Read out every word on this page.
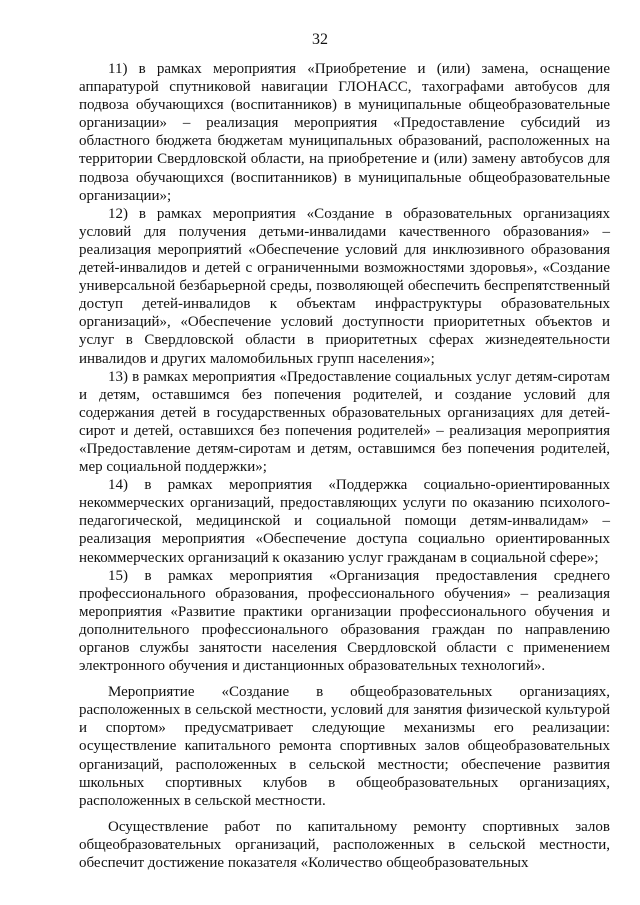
32

11) в рамках мероприятия «Приобретение и (или) замена, оснащение аппаратурой спутниковой навигации ГЛОНАСС, тахографами автобусов для подвоза обучающихся (воспитанников) в муниципальные общеобразовательные организации» – реализация мероприятия «Предоставление субсидий из областного бюджета бюджетам муниципальных образований, расположенных на территории Свердловской области, на приобретение и (или) замену автобусов для подвоза обучающихся (воспитанников) в муниципальные общеобразовательные организации»;

12) в рамках мероприятия «Создание в образовательных организациях условий для получения детьми-инвалидами качественного образования» – реализация мероприятий «Обеспечение условий для инклюзивного образования детей-инвалидов и детей с ограниченными возможностями здоровья», «Создание универсальной безбарьерной среды, позволяющей обеспечить беспрепятственный доступ детей-инвалидов к объектам инфраструктуры образовательных организаций», «Обеспечение условий доступности приоритетных объектов и услуг в Свердловской области в приоритетных сферах жизнедеятельности инвалидов и других маломобильных групп населения»;

13) в рамках мероприятия «Предоставление социальных услуг детям-сиротам и детям, оставшимся без попечения родителей, и создание условий для содержания детей в государственных образовательных организациях для детей-сирот и детей, оставшихся без попечения родителей» – реализация мероприятия «Предоставление детям-сиротам и детям, оставшимся без попечения родителей, мер социальной поддержки»;

14) в рамках мероприятия «Поддержка социально-ориентированных некоммерческих организаций, предоставляющих услуги по оказанию психолого-педагогической, медицинской и социальной помощи детям-инвалидам» – реализация мероприятия «Обеспечение доступа социально ориентированных некоммерческих организаций к оказанию услуг гражданам в социальной сфере»;

15) в рамках мероприятия «Организация предоставления среднего профессионального образования, профессионального обучения» – реализация мероприятия «Развитие практики организации профессионального обучения и дополнительного профессионального образования граждан по направлению органов службы занятости населения Свердловской области с применением электронного обучения и дистанционных образовательных технологий».

Мероприятие «Создание в общеобразовательных организациях, расположенных в сельской местности, условий для занятия физической культурой и спортом» предусматривает следующие механизмы его реализации: осуществление капитального ремонта спортивных залов общеобразовательных организаций, расположенных в сельской местности; обеспечение развития школьных спортивных клубов в общеобразовательных организациях, расположенных в сельской местности.

Осуществление работ по капитальному ремонту спортивных залов общеобразовательных организаций, расположенных в сельской местности, обеспечит достижение показателя «Количество общеобразовательных
